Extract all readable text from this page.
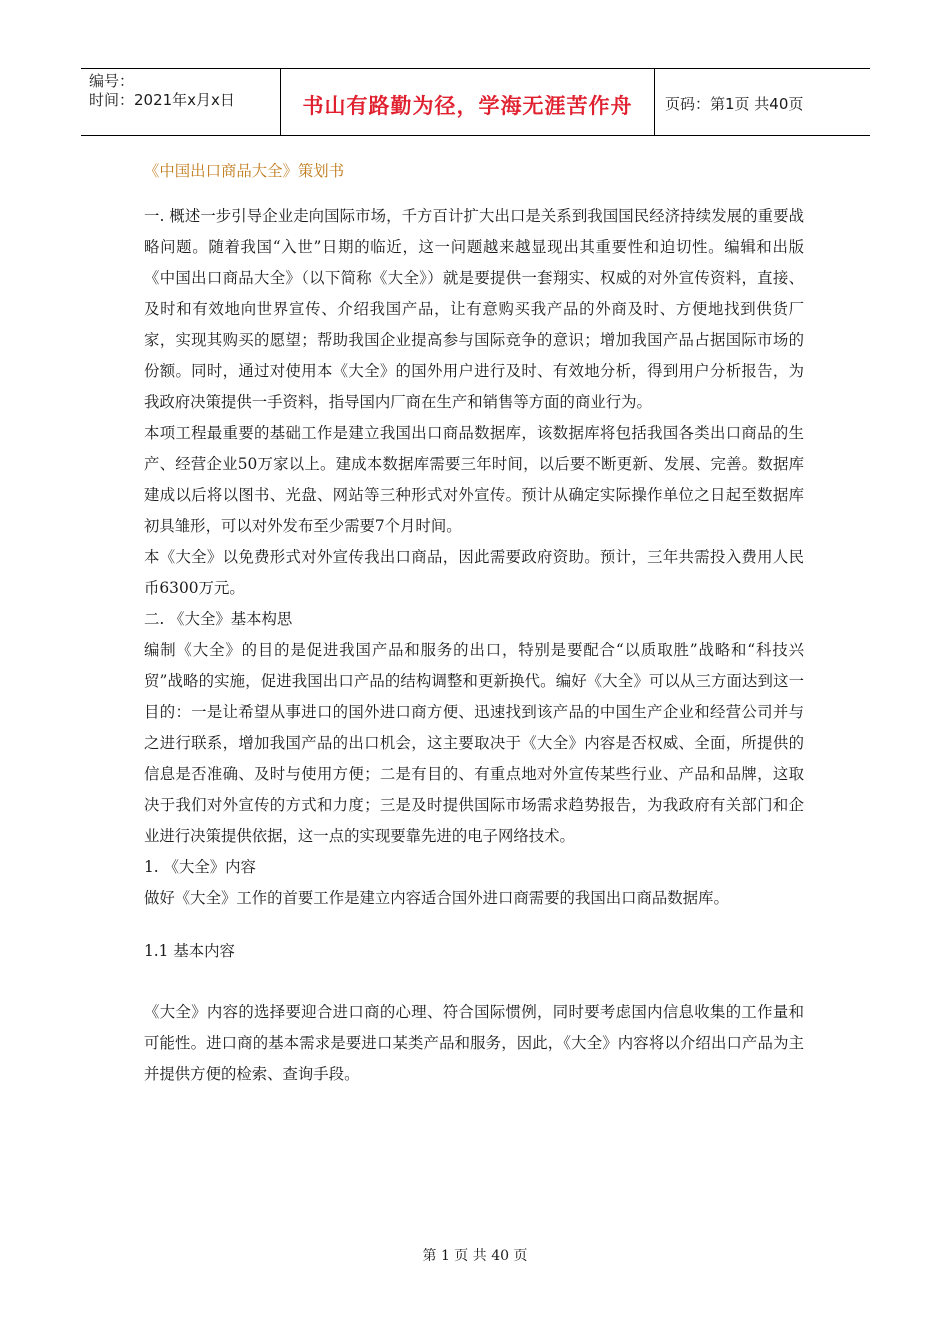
编号：
时间：2021年x月x日	书山有路勤为径，学海无涯苦作舟	页码：第1页 共40页
《中国出口商品大全》策划书

一. 概述一步引导企业走向国际市场，千方百计扩大出口是关系到我国国民经济持续发展的重要战略问题。随着我国“入世”日期的临近，这一问题越来越显现出其重要性和迫切性。编辑和出版《中国出口商品大全》（以下简称《大全》）就是要提供一套翔实、权威的对外宣传资料，直接、及时和有效地向世界宣传、介绍我国产品，让有意购买我产品的外商及时、方便地找到供货厂家，实现其购买的愿望；帮助我国企业提高参与国际竞争的意识；增加我国产品占据国际市场的份额。同时，通过对使用本《大全》的国外用户进行及时、有效地分析，得到用户分析报告，为我政府决策提供一手资料，指导国内厂商在生产和销售等方面的商业行为。

本项工程最重要的基础工作是建立我国出口商品数据库，该数据库将包括我国各类出口商品的生产、经营企业50万家以上。建成本数据库需要三年时间，以后要不断更新、发展、完善。数据库建成以后将以图书、光盘、网站等三种形式对外宣传。预计从确定实际操作单位之日起至数据库初具雏形，可以对外发布至少需要7个月时间。

本《大全》以免费形式对外宣传我出口商品，因此需要政府资助。预计，三年共需投入费用人民币6300万元。

二. 《大全》基本构思

编制《大全》的目的是促进我国产品和服务的出口，特别是要配合“以质取胜”战略和“科技兴贸”战略的实施，促进我国出口产品的结构调整和更新换代。编好《大全》可以从三方面达到这一目的：一是让希望从事进口的国外进口商方便、迅速找到该产品的中国生产企业和经营公司并与之进行联系，增加我国产品的出口机会，这主要取决于《大全》内容是否权威、全面，所提供的信息是否准确、及时与使用方便；二是有目的、有重点地对外宣传某些行业、产品和品牌，这取决于我们对外宣传的方式和力度；三是及时提供国际市场需求趋势报告，为我政府有关部门和企业进行决策提供依据，这一点的实现要靠先进的电子网络技术。

1. 《大全》内容

做好《大全》工作的首要工作是建立内容适合国外进口商需要的我国出口商品数据库。

1.1 基本内容

《大全》内容的选择要迎合进口商的心理、符合国际惯例，同时要考虑国内信息收集的工作量和可能性。进口商的基本需求是要进口某类产品和服务，因此，《大全》内容将以介绍出口产品为主并提供方便的检索、查询手段。

第 1 页 共 40 页
